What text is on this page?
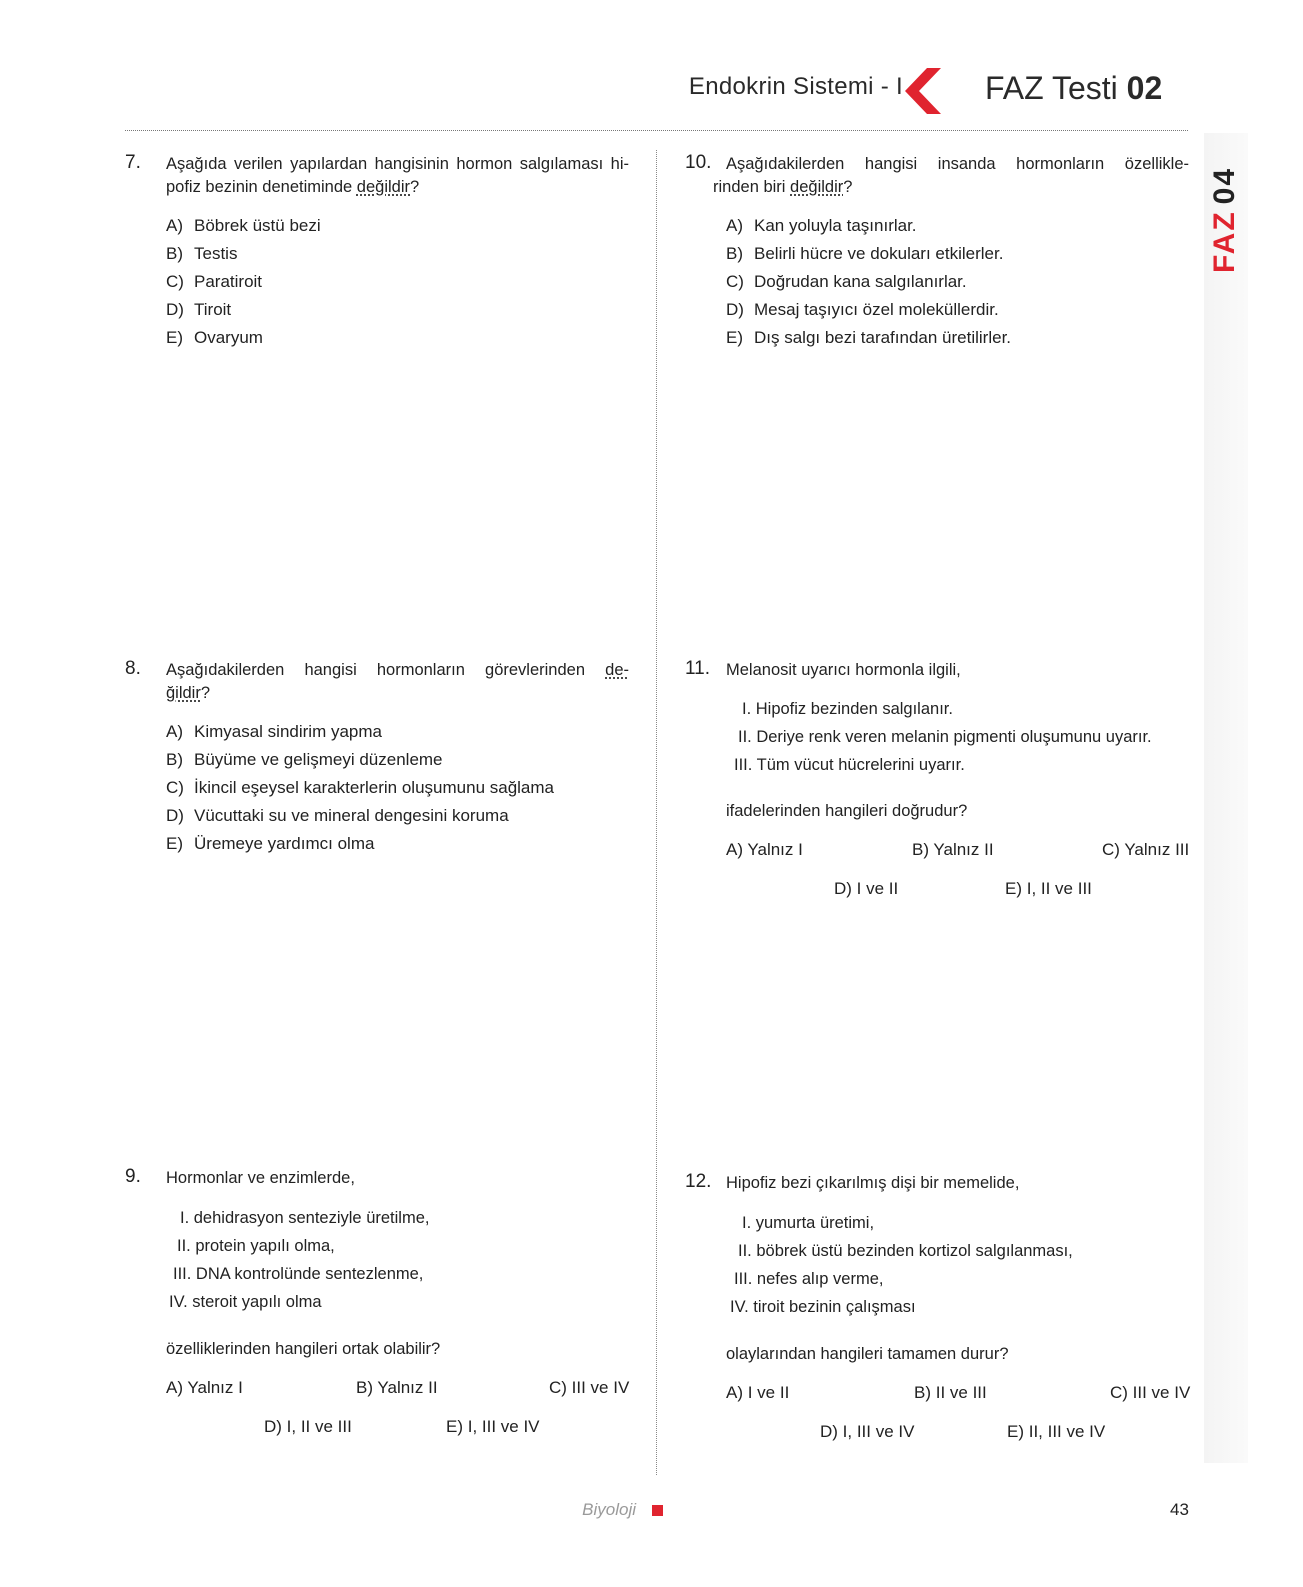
Endokrin Sistemi - I	FAZ Testi 02
FAZ04
7. Aşağıda verilen yapılardan hangisinin hormon salgılaması hi-
pofiz bezinin denetiminde değildir?
A) Böbrek üstü bezi
B) Testis
C) Paratiroit
D) Tiroit
E) Ovaryum
10. Aşağıdakilerden hangisi insanda hormonların özellikle-
rinden biri değildir?
A) Kan yoluyla taşınırlar.
B) Belirli hücre ve dokuları etkilerler.
C) Doğrudan kana salgılanırlar.
D) Mesaj taşıyıcı özel moleküllerdir.
E) Dış salgı bezi tarafından üretilirler.
8. Aşağıdakilerden hangisi hormonların görevlerinden de-
ğildir?
A) Kimyasal sindirim yapma
B) Büyüme ve gelişmeyi düzenleme
C) İkincil eşeysel karakterlerin oluşumunu sağlama
D) Vücuttaki su ve mineral dengesini koruma
E) Üremeye yardımcı olma
11. Melanosit uyarıcı hormonla ilgili,
I. Hipofiz bezinden salgılanır.
II. Deriye renk veren melanin pigmenti oluşumunu uyarır.
III. Tüm vücut hücrelerini uyarır.
ifadelerinden hangileri doğrudur?
A) Yalnız I	B) Yalnız II	C) Yalnız III
D) I ve II	E) I, II ve III
9. Hormonlar ve enzimlerde,
I. dehidrasyon senteziyle üretilme,
II. protein yapılı olma,
III. DNA kontrolünde sentezlenme,
IV. steroit yapılı olma
özelliklerinden hangileri ortak olabilir?
A) Yalnız I	B) Yalnız II	C) III ve IV
D) I, II ve III	E) I, III ve IV
12. Hipofiz bezi çıkarılmış dişi bir memelide,
I. yumurta üretimi,
II. böbrek üstü bezinden kortizol salgılanması,
III. nefes alıp verme,
IV. tiroit bezinin çalışması
olaylarından hangileri tamamen durur?
A) I ve II	B) II ve III	C) III ve IV
D) I, III ve IV	E) II, III ve IV
Biyoloji	43
